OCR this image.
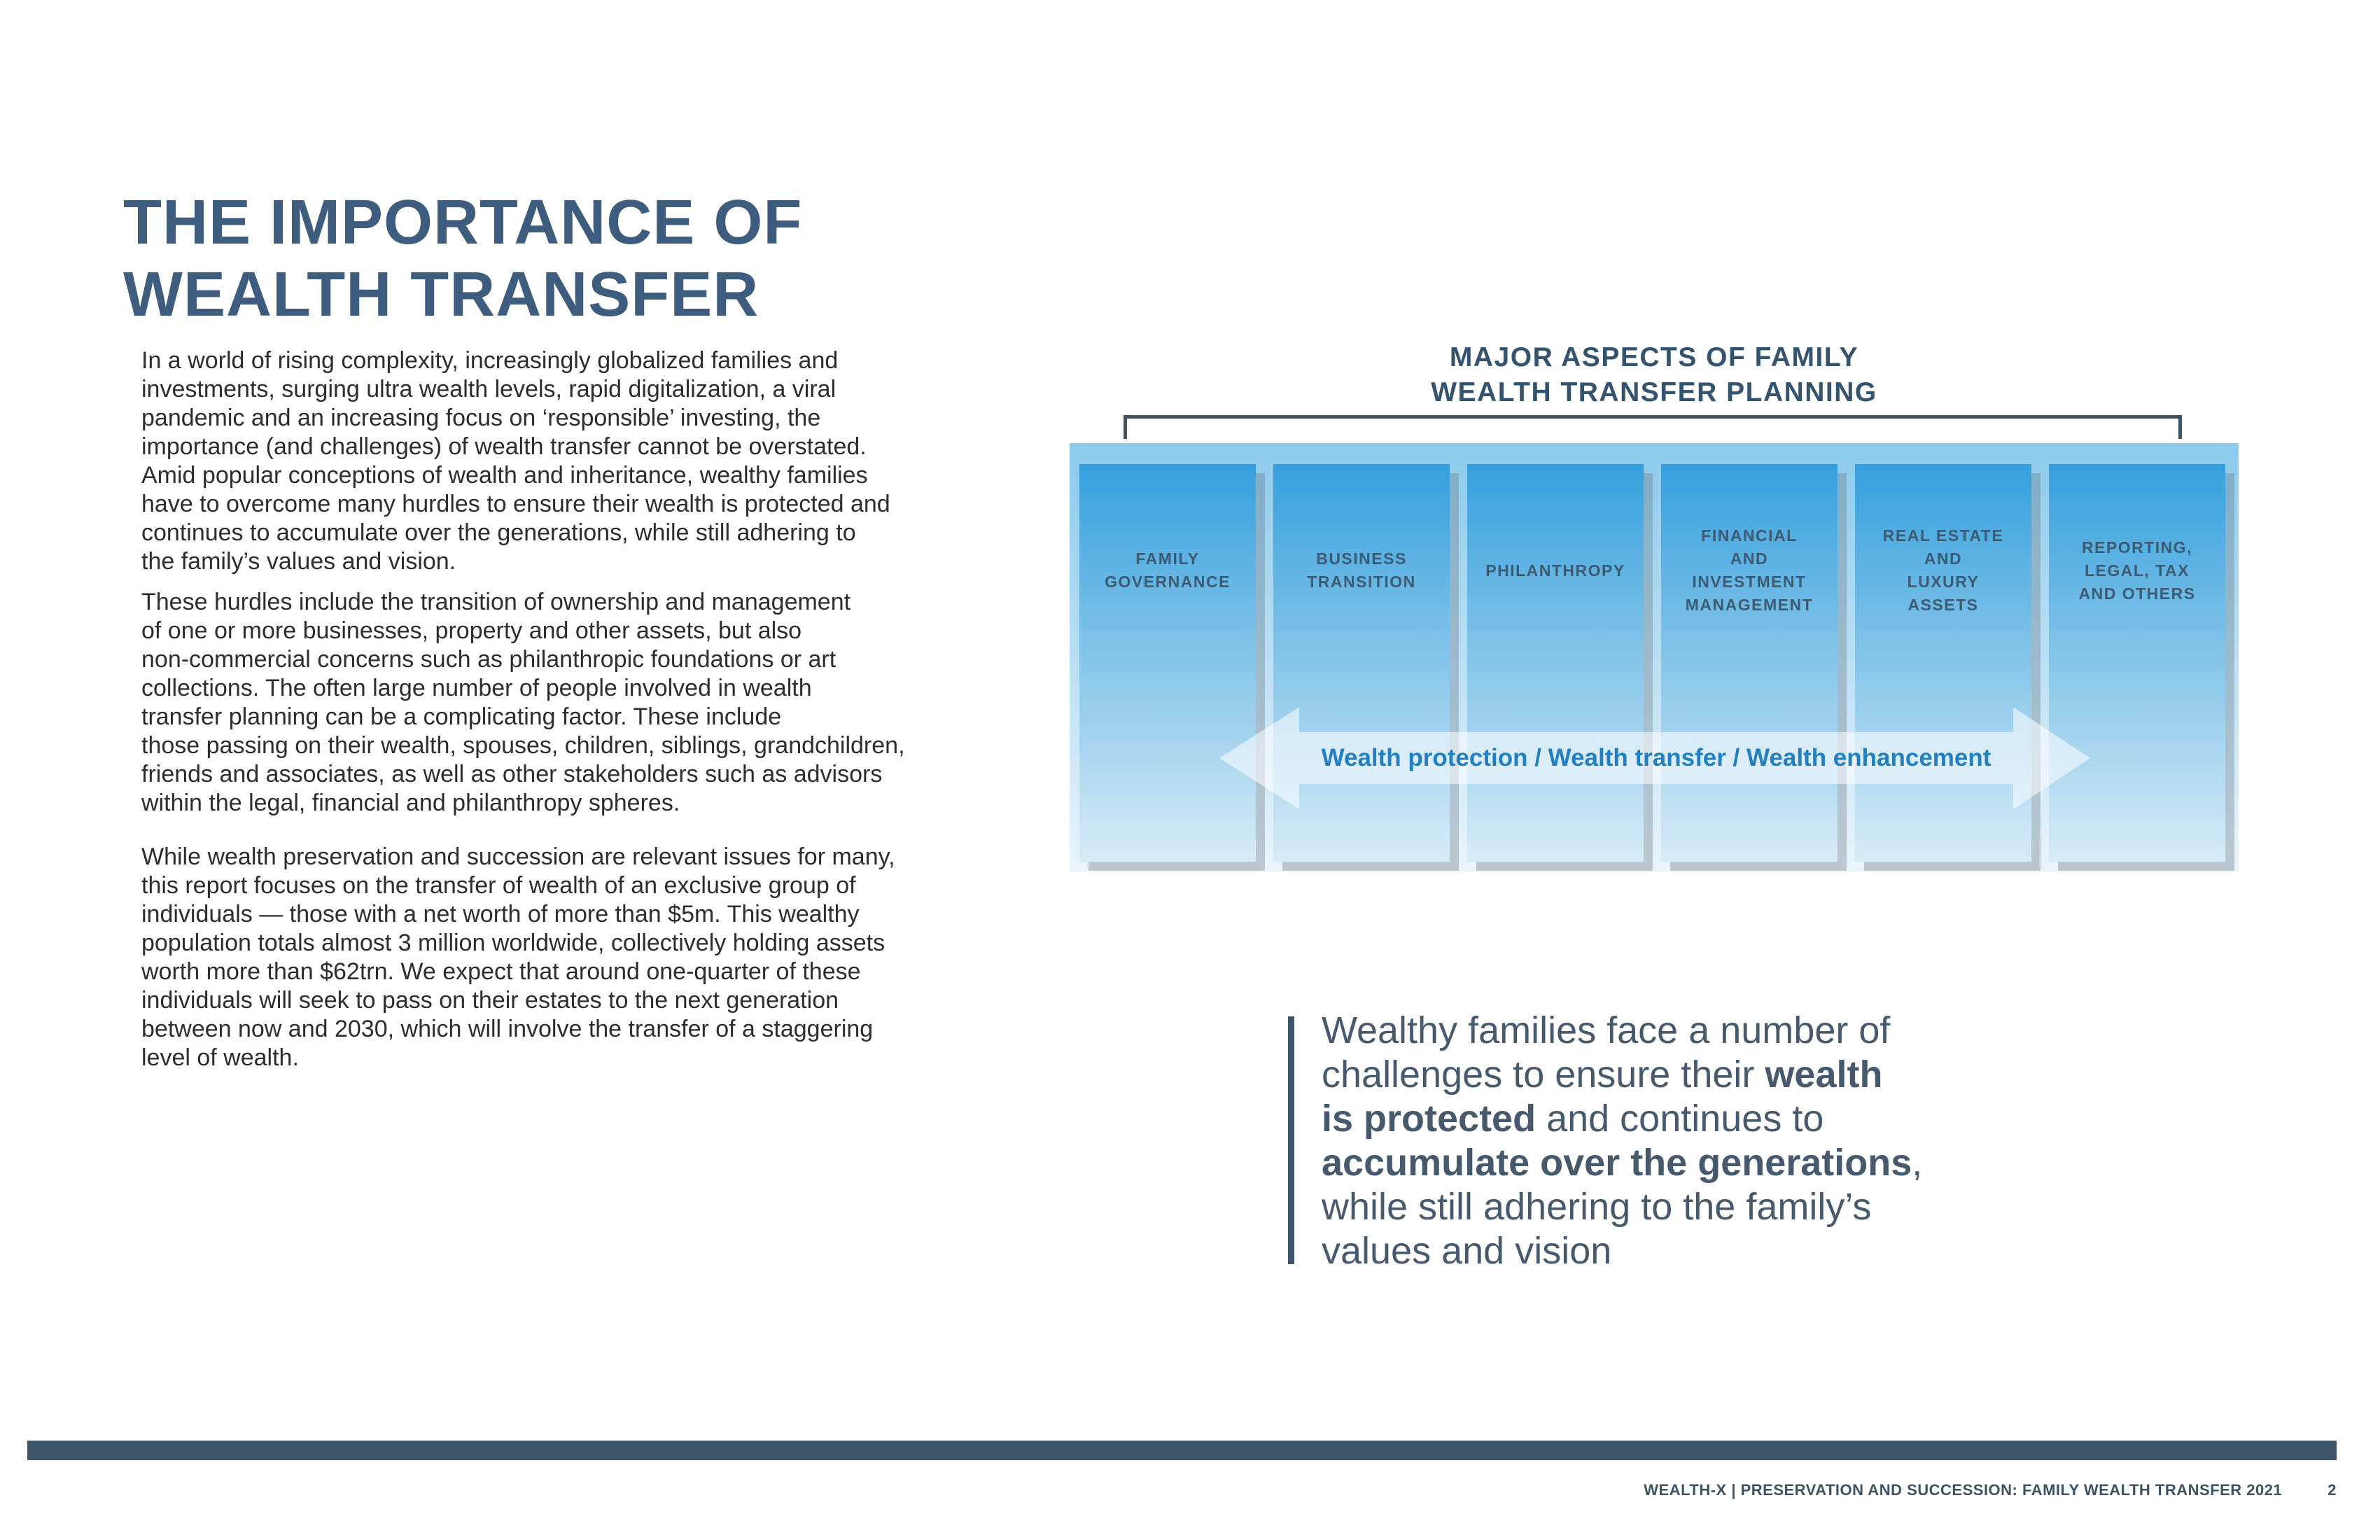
THE IMPORTANCE OF
WEALTH TRANSFER
In a world of rising complexity, increasingly globalized families and
investments, surging ultra wealth levels, rapid digitalization, a viral
pandemic and an increasing focus on ‘responsible’ investing, the
importance (and challenges) of wealth transfer cannot be overstated.
Amid popular conceptions of wealth and inheritance, wealthy families
have to overcome many hurdles to ensure their wealth is protected and
continues to accumulate over the generations, while still adhering to
the family’s values and vision.
These hurdles include the transition of ownership and management
of one or more businesses, property and other assets, but also
non-commercial concerns such as philanthropic foundations or art
collections. The often large number of people involved in wealth
transfer planning can be a complicating factor. These include
those passing on their wealth, spouses, children, siblings, grandchildren,
friends and associates, as well as other stakeholders such as advisors
within the legal, financial and philanthropy spheres.
While wealth preservation and succession are relevant issues for many,
this report focuses on the transfer of wealth of an exclusive group of
individuals — those with a net worth of more than $5m. This wealthy
population totals almost 3 million worldwide, collectively holding assets
worth more than $62trn. We expect that around one-quarter of these
individuals will seek to pass on their estates to the next generation
between now and 2030, which will involve the transfer of a staggering
level of wealth.
MAJOR ASPECTS OF FAMILY
WEALTH TRANSFER PLANNING
FAMILY
GOVERNANCE
BUSINESS
TRANSITION
PHILANTHROPY
FINANCIAL
AND
INVESTMENT
MANAGEMENT
REAL ESTATE
AND
LUXURY
ASSETS
REPORTING,
LEGAL, TAX
AND OTHERS
Wealth protection / Wealth transfer / Wealth enhancement
Wealthy families face a number of
challenges to ensure their wealth
is protected and continues to
accumulate over the generations,
while still adhering to the family’s
values and vision
WEALTH-X | PRESERVATION AND SUCCESSION: FAMILY WEALTH TRANSFER 2021	2
